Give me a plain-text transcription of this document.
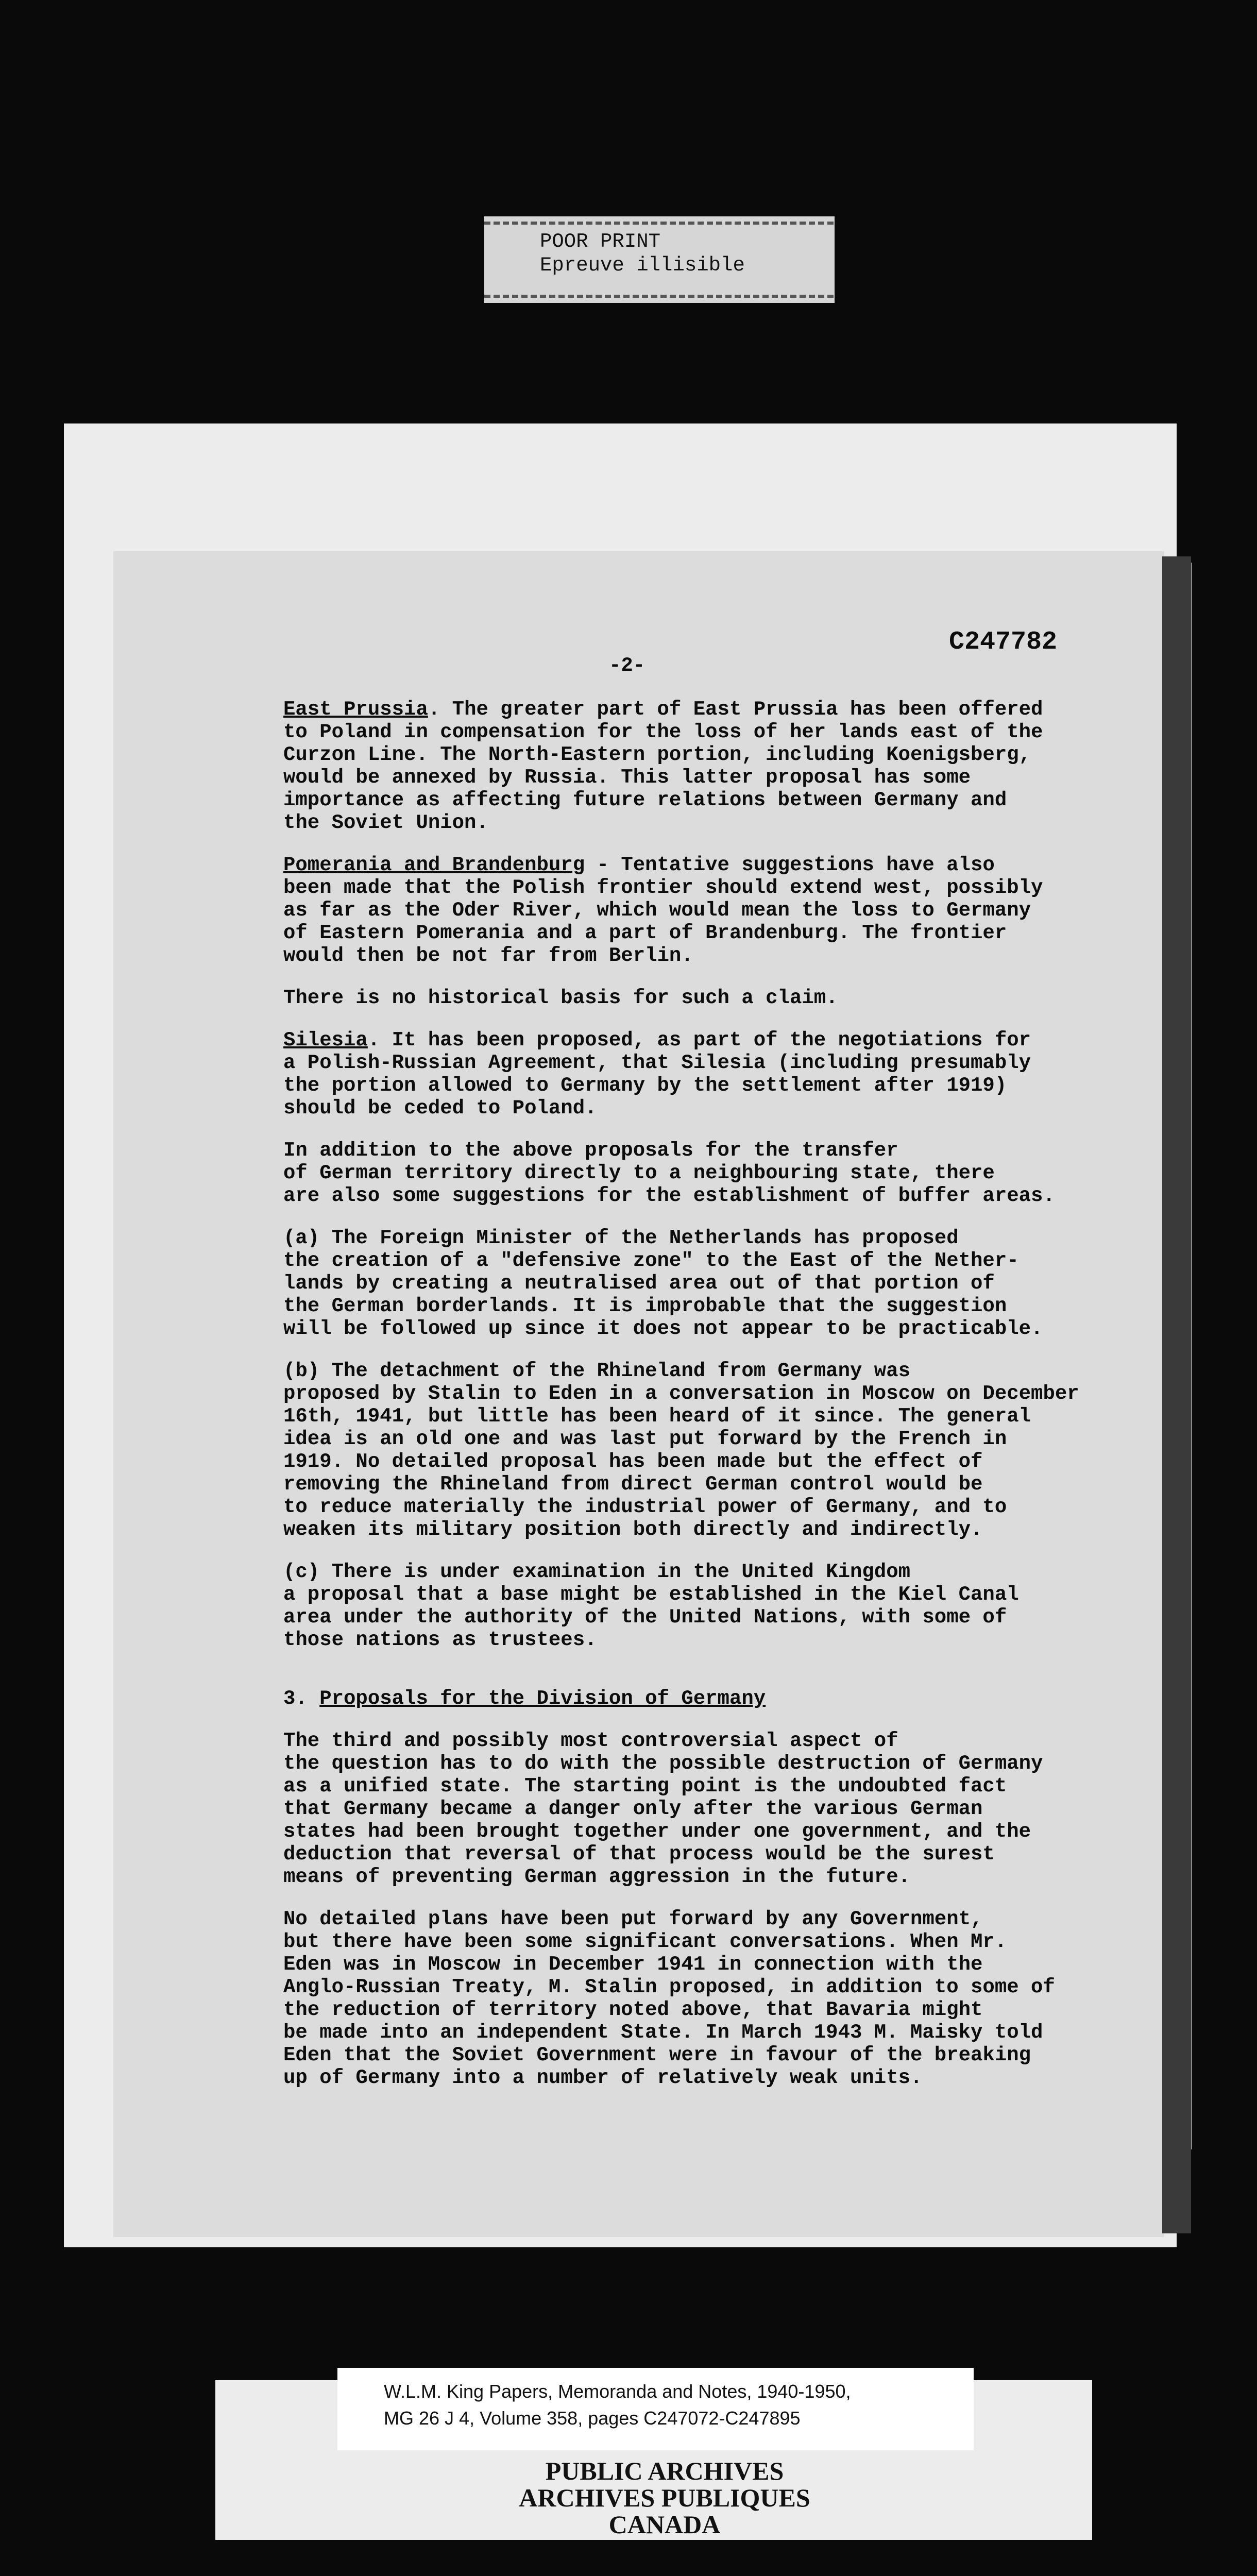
POOR PRINT
Epreuve illisible
-2-
C247782

East Prussia. The greater part of East Prussia has been offered
to Poland in compensation for the loss of her lands east of the
Curzon Line. The North-Eastern portion, including Koenigsberg,
would be annexed by Russia. This latter proposal has some
importance as affecting future relations between Germany and
the Soviet Union.

Pomerania and Brandenburg - Tentative suggestions have also
been made that the Polish frontier should extend west, possibly
as far as the Oder River, which would mean the loss to Germany
of Eastern Pomerania and a part of Brandenburg. The frontier
would then be not far from Berlin.

There is no historical basis for such a claim.

Silesia. It has been proposed, as part of the negotiations for
a Polish-Russian Agreement, that Silesia (including presumably
the portion allowed to Germany by the settlement after 1919)
should be ceded to Poland.

In addition to the above proposals for the transfer
of German territory directly to a neighbouring state, there
are also some suggestions for the establishment of buffer areas.

(a) The Foreign Minister of the Netherlands has proposed
the creation of a "defensive zone" to the East of the Nether-
lands by creating a neutralised area out of that portion of
the German borderlands. It is improbable that the suggestion
will be followed up since it does not appear to be practicable.

(b) The detachment of the Rhineland from Germany was
proposed by Stalin to Eden in a conversation in Moscow on December
16th, 1941, but little has been heard of it since. The general
idea is an old one and was last put forward by the French in
1919. No detailed proposal has been made but the effect of
removing the Rhineland from direct German control would be
to reduce materially the industrial power of Germany, and to
weaken its military position both directly and indirectly.

(c) There is under examination in the United Kingdom
a proposal that a base might be established in the Kiel Canal
area under the authority of the United Nations, with some of
those nations as trustees.

3. Proposals for the Division of Germany

The third and possibly most controversial aspect of
the question has to do with the possible destruction of Germany
as a unified state. The starting point is the undoubted fact
that Germany became a danger only after the various German
states had been brought together under one government, and the
deduction that reversal of that process would be the surest
means of preventing German aggression in the future.

No detailed plans have been put forward by any Government,
but there have been some significant conversations. When Mr.
Eden was in Moscow in December 1941 in connection with the
Anglo-Russian Treaty, M. Stalin proposed, in addition to some of
the reduction of territory noted above, that Bavaria might
be made into an independent State. In March 1943 M. Maisky told
Eden that the Soviet Government were in favour of the breaking
up of Germany into a number of relatively weak units.

W.L.M. King Papers, Memoranda and Notes, 1940-1950,
MG 26 J 4, Volume 358, pages C247072-C247895
PUBLIC ARCHIVES
ARCHIVES PUBLIQUES
CANADA
